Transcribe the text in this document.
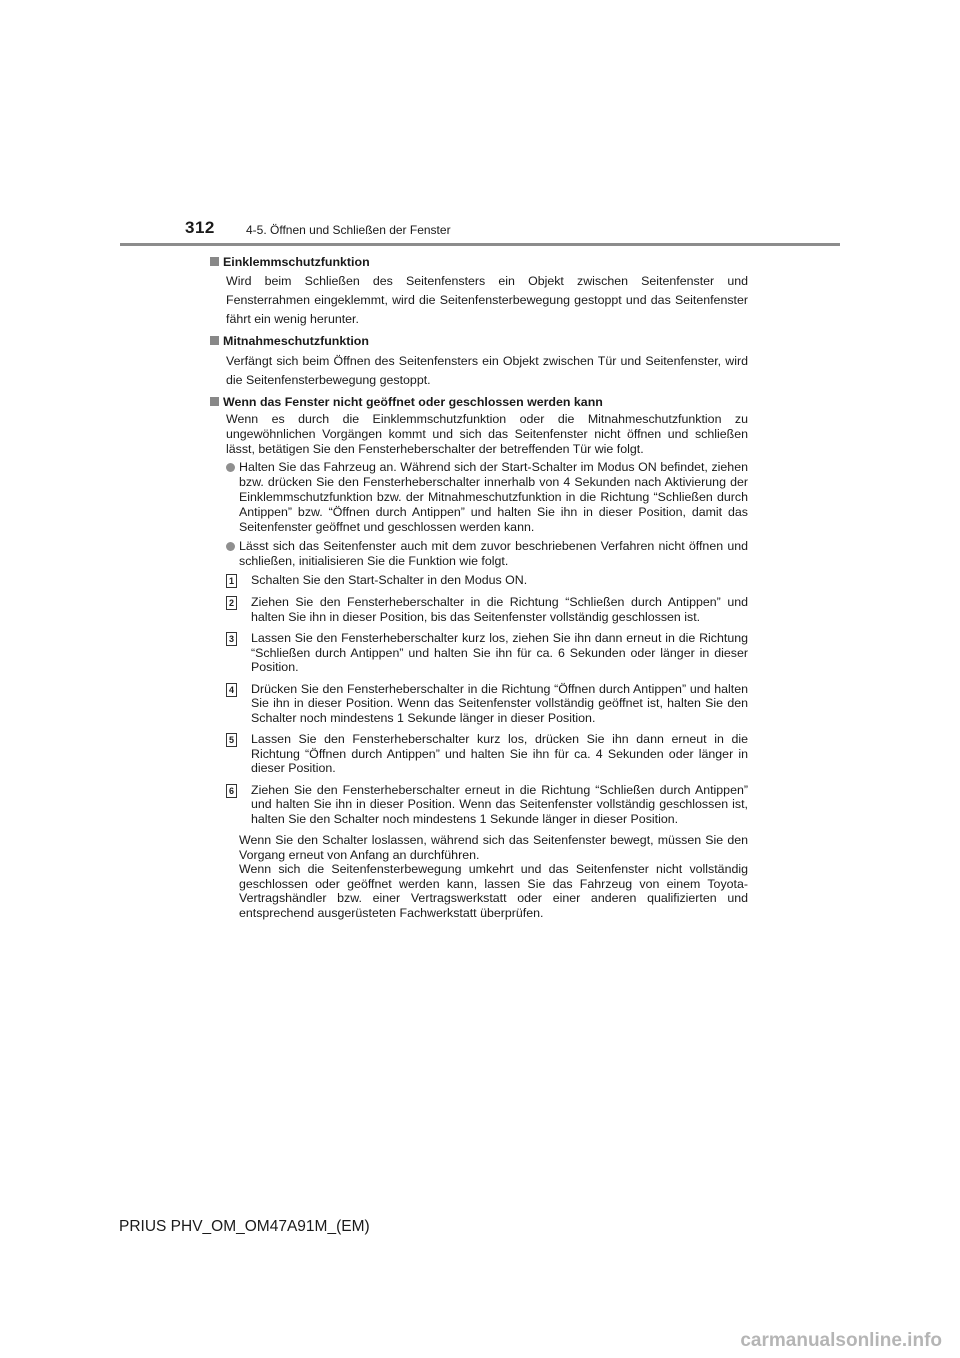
312	4-5. Öffnen und Schließen der Fenster
Einklemmschutzfunktion
Wird beim Schließen des Seitenfensters ein Objekt zwischen Seitenfenster und Fensterrahmen eingeklemmt, wird die Seitenfensterbewegung gestoppt und das Seitenfenster fährt ein wenig herunter.
Mitnahmeschutzfunktion
Verfängt sich beim Öffnen des Seitenfensters ein Objekt zwischen Tür und Seitenfenster, wird die Seitenfensterbewegung gestoppt.
Wenn das Fenster nicht geöffnet oder geschlossen werden kann
Wenn es durch die Einklemmschutzfunktion oder die Mitnahmeschutzfunktion zu ungewöhnlichen Vorgängen kommt und sich das Seitenfenster nicht öffnen und schließen lässt, betätigen Sie den Fensterheberschalter der betreffenden Tür wie folgt.
Halten Sie das Fahrzeug an. Während sich der Start-Schalter im Modus ON befindet, ziehen bzw. drücken Sie den Fensterheberschalter innerhalb von 4 Sekunden nach Aktivierung der Einklemmschutzfunktion bzw. der Mitnahmeschutzfunktion in die Richtung “Schließen durch Antippen” bzw. “Öffnen durch Antippen” und halten Sie ihn in dieser Position, damit das Seitenfenster geöffnet und geschlossen werden kann.
Lässt sich das Seitenfenster auch mit dem zuvor beschriebenen Verfahren nicht öffnen und schließen, initialisieren Sie die Funktion wie folgt.
1 Schalten Sie den Start-Schalter in den Modus ON.
2 Ziehen Sie den Fensterheberschalter in die Richtung “Schließen durch Antippen” und halten Sie ihn in dieser Position, bis das Seitenfenster vollständig geschlossen ist.
3 Lassen Sie den Fensterheberschalter kurz los, ziehen Sie ihn dann erneut in die Richtung “Schließen durch Antippen” und halten Sie ihn für ca. 6 Sekunden oder länger in dieser Position.
4 Drücken Sie den Fensterheberschalter in die Richtung “Öffnen durch Antippen” und halten Sie ihn in dieser Position. Wenn das Seitenfenster vollständig geöffnet ist, halten Sie den Schalter noch mindestens 1 Sekunde länger in dieser Position.
5 Lassen Sie den Fensterheberschalter kurz los, drücken Sie ihn dann erneut in die Richtung “Öffnen durch Antippen” und halten Sie ihn für ca. 4 Sekunden oder länger in dieser Position.
6 Ziehen Sie den Fensterheberschalter erneut in die Richtung “Schließen durch Antippen” und halten Sie ihn in dieser Position. Wenn das Seitenfenster vollständig geschlossen ist, halten Sie den Schalter noch mindestens 1 Sekunde länger in dieser Position.
Wenn Sie den Schalter loslassen, während sich das Seitenfenster bewegt, müssen Sie den Vorgang erneut von Anfang an durchführen.
Wenn sich die Seitenfensterbewegung umkehrt und das Seitenfenster nicht vollständig geschlossen oder geöffnet werden kann, lassen Sie das Fahrzeug von einem Toyota-Vertragshändler bzw. einer Vertragswerkstatt oder einer anderen qualifizierten und entsprechend ausgerüsteten Fachwerkstatt überprüfen.
PRIUS PHV_OM_OM47A91M_(EM)
carmanualsonline.info
